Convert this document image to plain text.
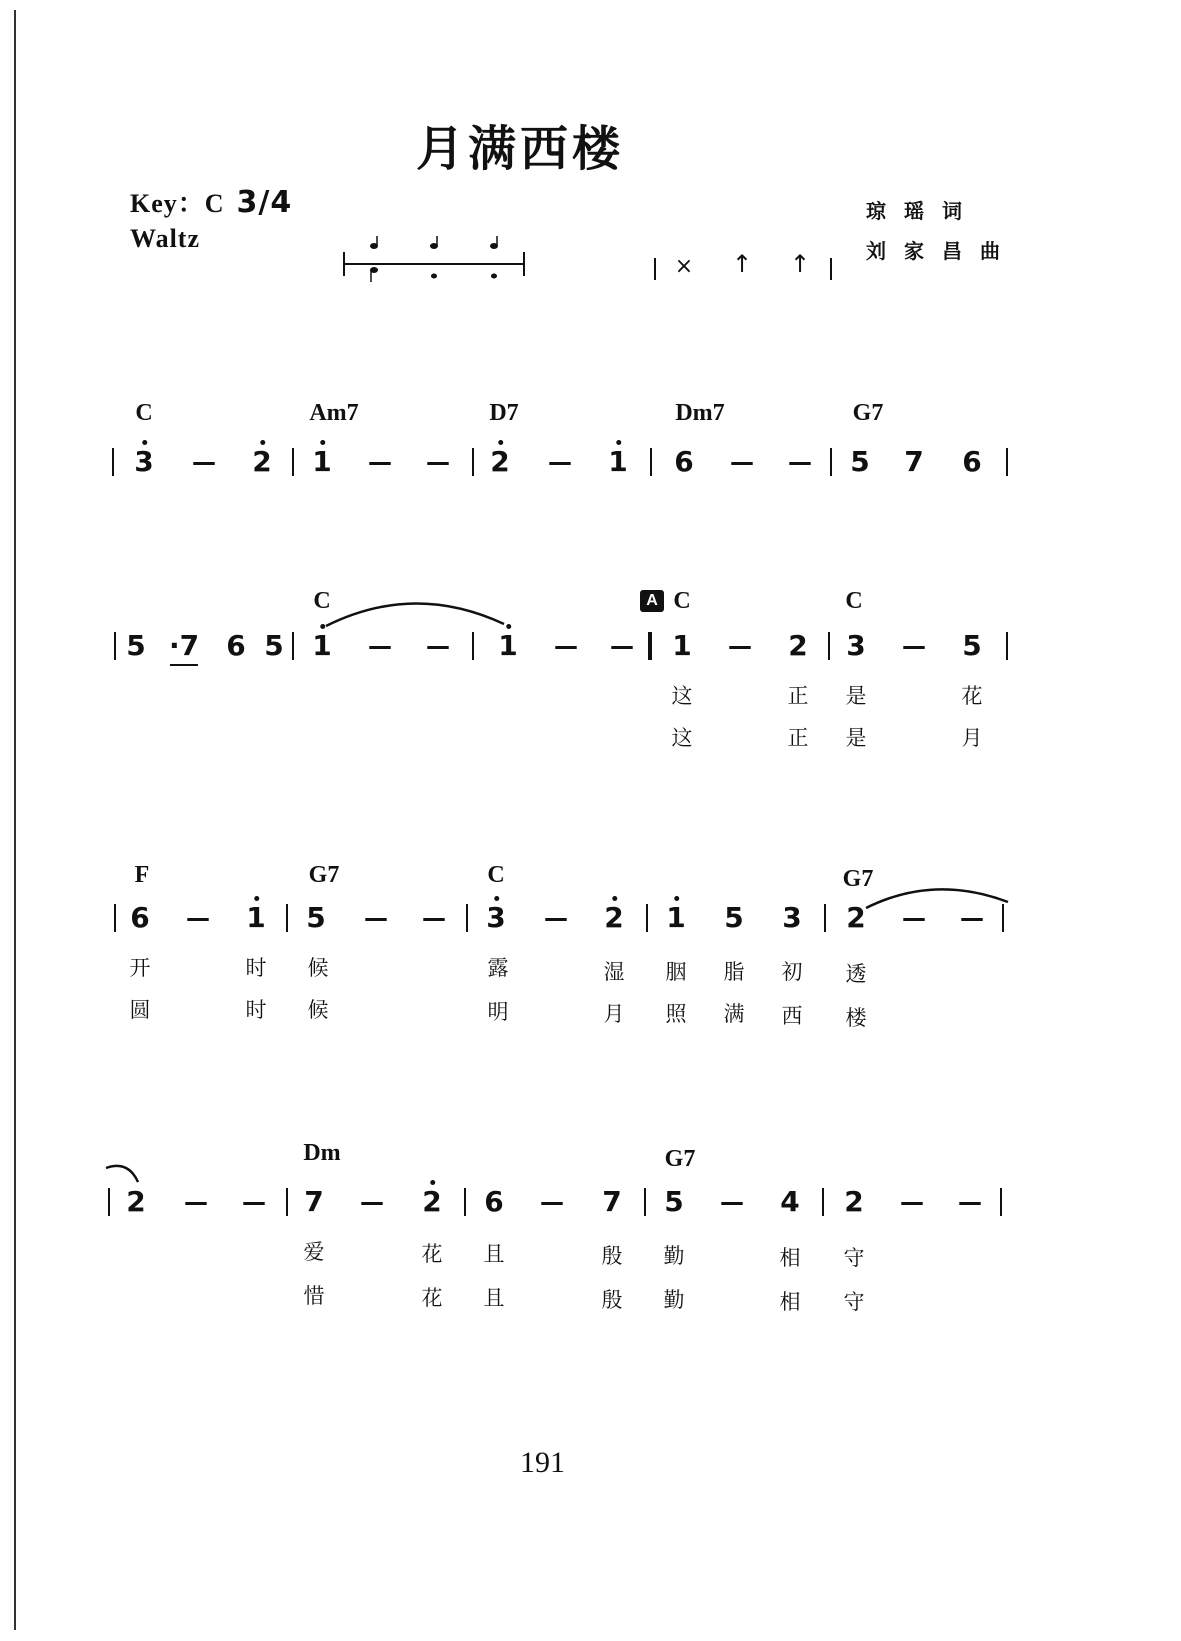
月满西楼
Key：C 3/4
Waltz
琼瑶词
刘家昌曲
× ↑ ↑
C	Am7	D7	Dm7	G7
3 — 2 1 — — 2 — 1 6 — — 5 7 6
C	A C	C
5 ·7 6 5 1 — — 1 — — 1 — 2 3 — 5
这	正 是	花
这	正 是	月
F	G7	C	G7
6 — 1 5 — — 3 — 2 1 5 3 2 — —
开	时 候	露	湿 胭 脂 初 透
圆	时 候	明	月 照 满 西 楼
Dm	G7
2 — — 7 — 2 6 — 7 5 — 4 2 — —
爱	花 且	殷 勤	相 守
惜	花 且	殷 勤	相 守
191
